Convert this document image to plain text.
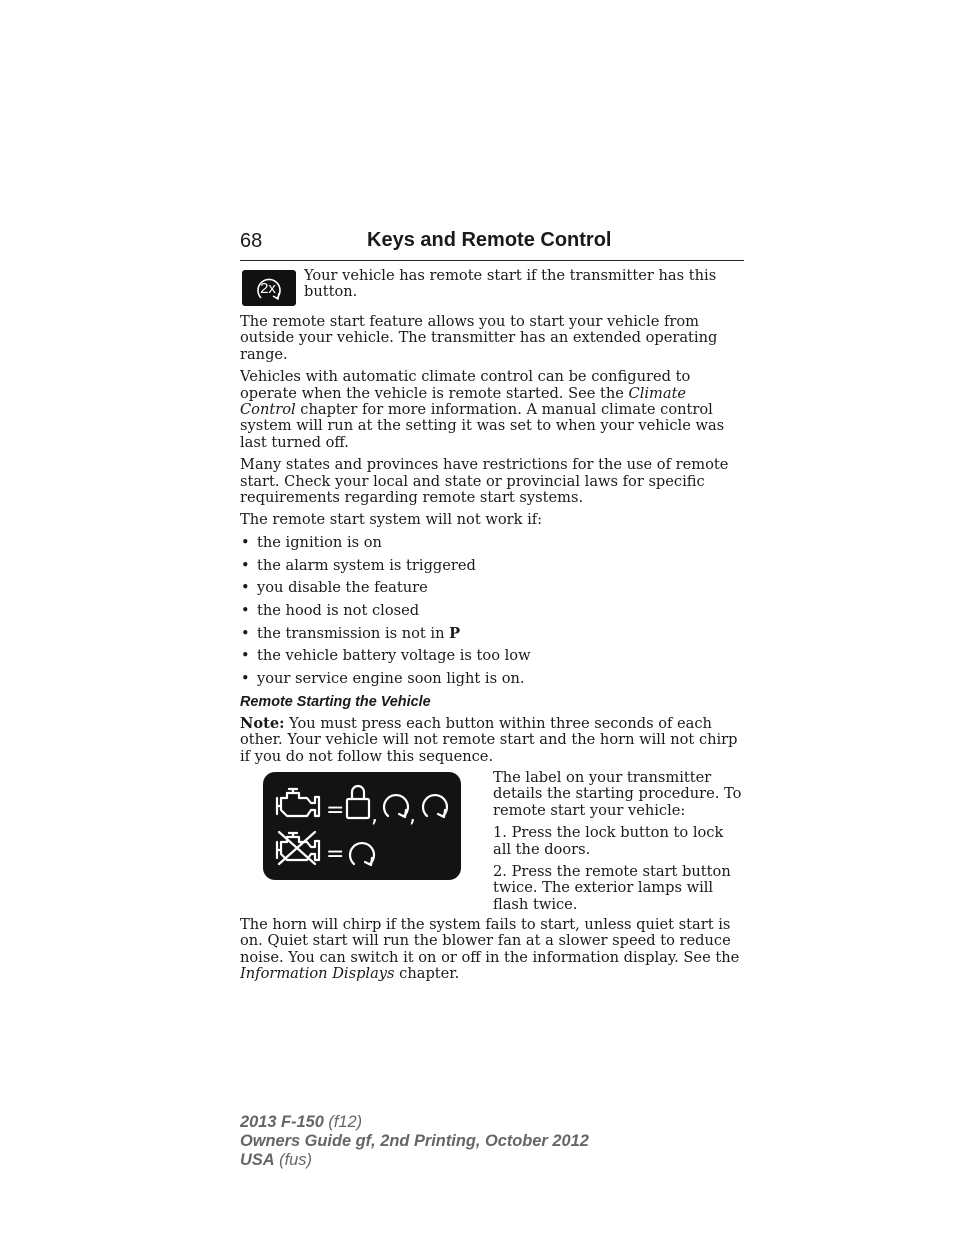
68	Keys and Remote Control
2x

Your vehicle has remote start if the transmitter has this button.

The remote start feature allows you to start your vehicle from outside your vehicle. The transmitter has an extended operating range.

Vehicles with automatic climate control can be configured to operate when the vehicle is remote started. See the Climate Control chapter for more information. A manual climate control system will run at the setting it was set to when your vehicle was last turned off.

Many states and provinces have restrictions for the use of remote start. Check your local and state or provincial laws for specific requirements regarding remote start systems.

The remote start system will not work if:

• the ignition is on
• the alarm system is triggered
• you disable the feature
• the hood is not closed
• the transmission is not in P
• the vehicle battery voltage is too low
• your service engine soon light is on.

Remote Starting the Vehicle

Note: You must press each button within three seconds of each other. Your vehicle will not remote start and the horn will not chirp if you do not follow this sequence.

= , ,
=

The label on your transmitter details the starting procedure. To remote start your vehicle:

1. Press the lock button to lock all the doors.

2. Press the remote start button twice. The exterior lamps will flash twice.

The horn will chirp if the system fails to start, unless quiet start is on. Quiet start will run the blower fan at a slower speed to reduce noise. You can switch it on or off in the information display. See the Information Displays chapter.

2013 F-150 (f12)
Owners Guide gf, 2nd Printing, October 2012
USA (fus)
